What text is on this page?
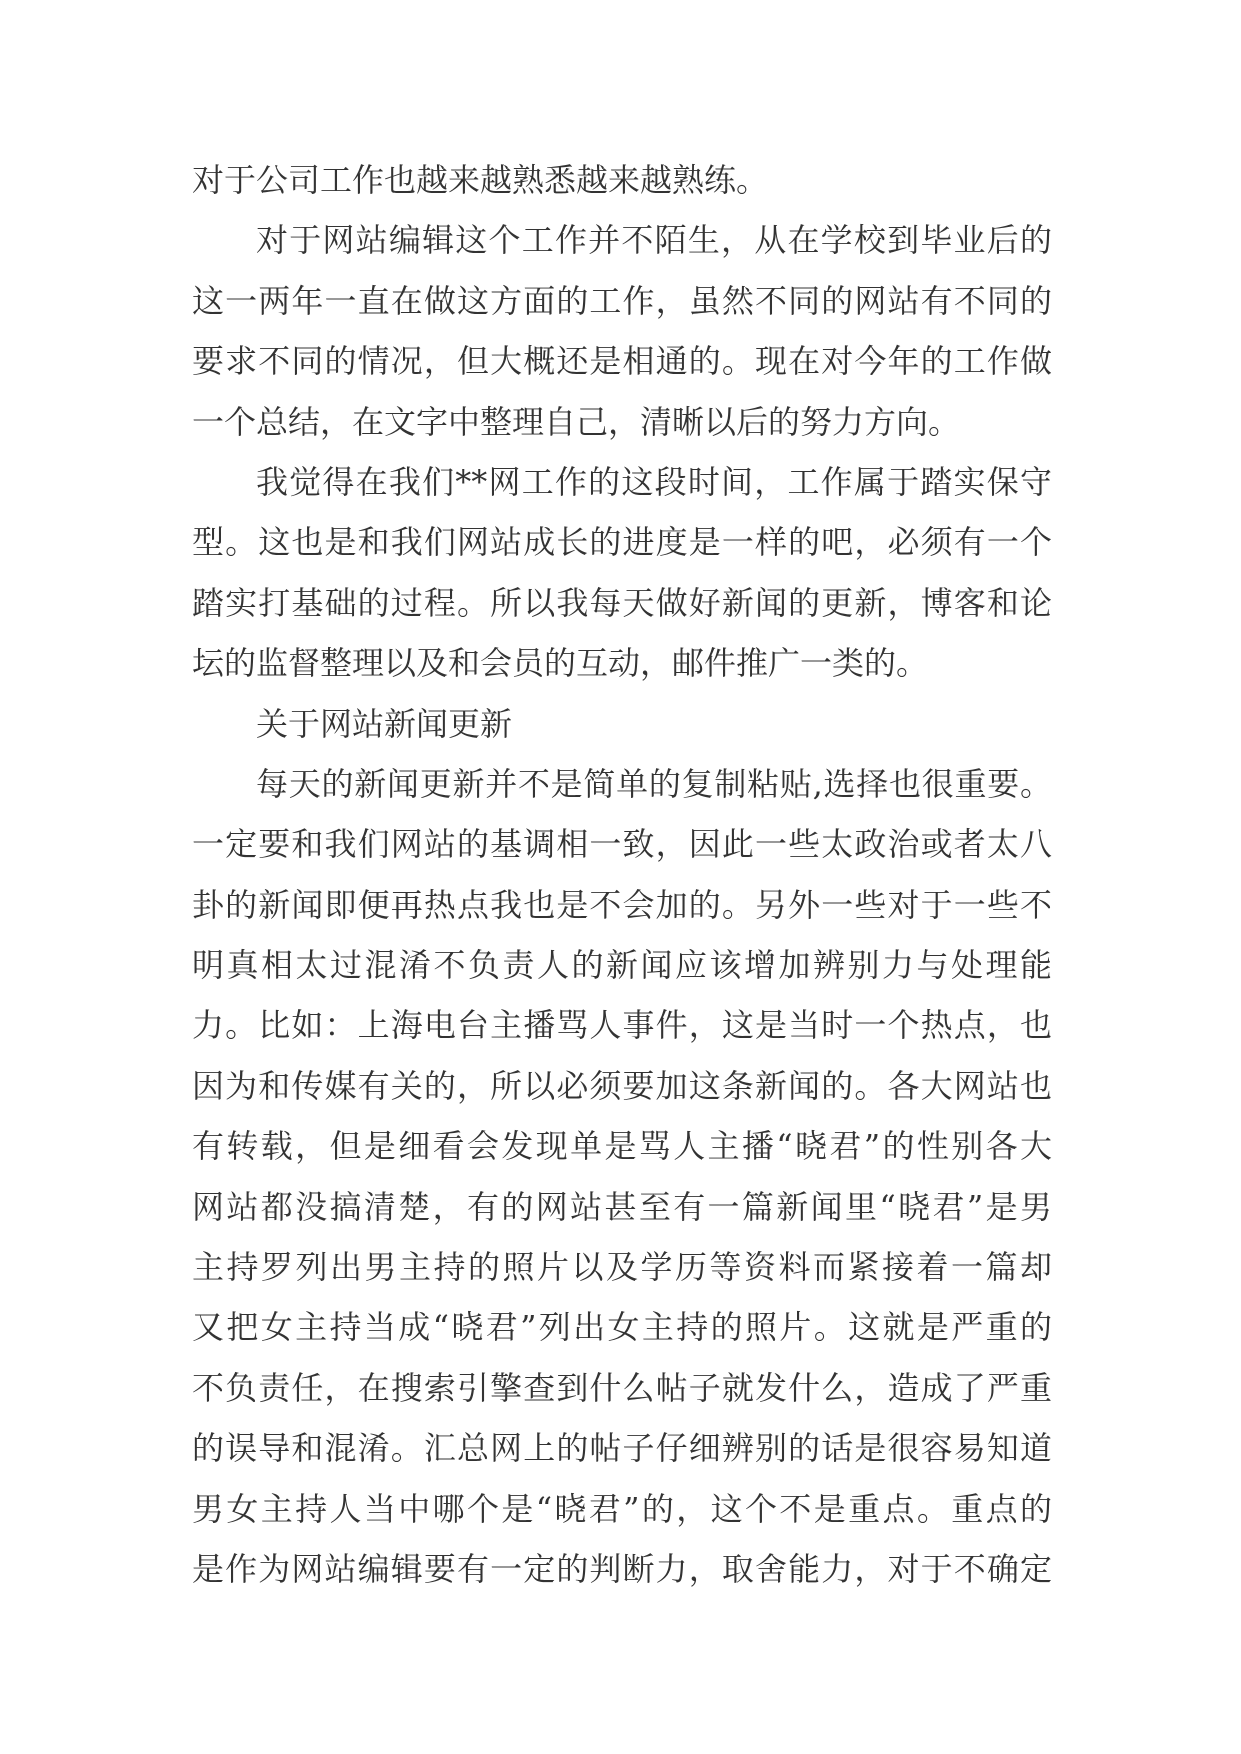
对于公司工作也越来越熟悉越来越熟练。
对于网站编辑这个工作并不陌生，从在学校到毕业后的
这一两年一直在做这方面的工作，虽然不同的网站有不同的
要求不同的情况，但大概还是相通的。现在对今年的工作做
一个总结，在文字中整理自己，清晰以后的努力方向。
我觉得在我们**网工作的这段时间，工作属于踏实保守
型。这也是和我们网站成长的进度是一样的吧，必须有一个
踏实打基础的过程。所以我每天做好新闻的更新，博客和论
坛的监督整理以及和会员的互动，邮件推广一类的。
关于网站新闻更新
每天的新闻更新并不是简单的复制粘贴,选择也很重要。
一定要和我们网站的基调相一致，因此一些太政治或者太八
卦的新闻即便再热点我也是不会加的。另外一些对于一些不
明真相太过混淆不负责人的新闻应该增加辨别力与处理能
力。比如：上海电台主播骂人事件，这是当时一个热点，也
因为和传媒有关的，所以必须要加这条新闻的。各大网站也
有转载，但是细看会发现单是骂人主播“晓君”的性别各大
网站都没搞清楚，有的网站甚至有一篇新闻里“晓君”是男
主持罗列出男主持的照片以及学历等资料而紧接着一篇却
又把女主持当成“晓君”列出女主持的照片。这就是严重的
不负责任，在搜索引擎查到什么帖子就发什么，造成了严重
的误导和混淆。汇总网上的帖子仔细辨别的话是很容易知道
男女主持人当中哪个是“晓君”的，这个不是重点。重点的
是作为网站编辑要有一定的判断力，取舍能力，对于不确定
